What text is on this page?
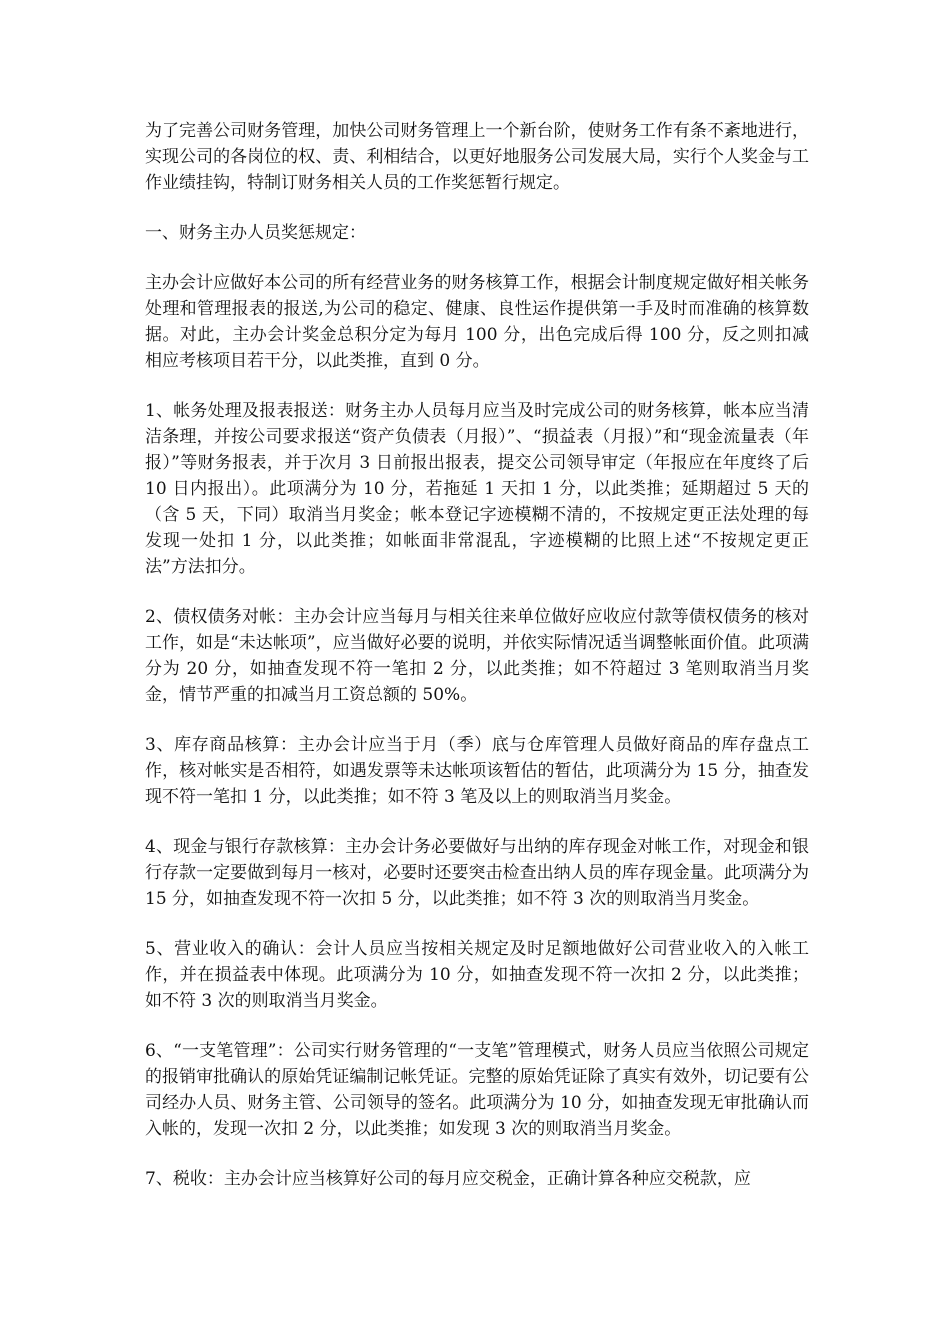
为了完善公司财务管理，加快公司财务管理上一个新台阶，使财务工作有条不紊地进行，实现公司的各岗位的权、责、利相结合，以更好地服务公司发展大局，实行个人奖金与工作业绩挂钩，特制订财务相关人员的工作奖惩暂行规定。

一、财务主办人员奖惩规定：

主办会计应做好本公司的所有经营业务的财务核算工作，根据会计制度规定做好相关帐务处理和管理报表的报送,为公司的稳定、健康、良性运作提供第一手及时而准确的核算数据。对此，主办会计奖金总积分定为每月 100 分，出色完成后得 100 分，反之则扣减相应考核项目若干分，以此类推，直到 0 分。

1、帐务处理及报表报送：财务主办人员每月应当及时完成公司的财务核算，帐本应当清洁条理，并按公司要求报送“资产负债表（月报）”、“损益表（月报）”和“现金流量表（年报）”等财务报表，并于次月 3 日前报出报表，提交公司领导审定（年报应在年度终了后 10 日内报出）。此项满分为 10 分，若拖延 1 天扣 1 分，以此类推；延期超过 5 天的（含 5 天，下同）取消当月奖金；帐本登记字迹模糊不清的，不按规定更正法处理的每发现一处扣 1 分，以此类推；如帐面非常混乱，字迹模糊的比照上述“不按规定更正法”方法扣分。

2、债权债务对帐：主办会计应当每月与相关往来单位做好应收应付款等债权债务的核对工作，如是“未达帐项”，应当做好必要的说明，并依实际情况适当调整帐面价值。此项满分为 20 分，如抽查发现不符一笔扣 2 分，以此类推；如不符超过 3 笔则取消当月奖金，情节严重的扣减当月工资总额的 50%。

3、库存商品核算：主办会计应当于月（季）底与仓库管理人员做好商品的库存盘点工作，核对帐实是否相符，如遇发票等未达帐项该暂估的暂估，此项满分为 15 分，抽查发现不符一笔扣 1 分，以此类推；如不符 3 笔及以上的则取消当月奖金。

4、现金与银行存款核算：主办会计务必要做好与出纳的库存现金对帐工作，对现金和银行存款一定要做到每月一核对，必要时还要突击检查出纳人员的库存现金量。此项满分为 15 分，如抽查发现不符一次扣 5 分，以此类推；如不符 3 次的则取消当月奖金。

5、营业收入的确认：会计人员应当按相关规定及时足额地做好公司营业收入的入帐工作，并在损益表中体现。此项满分为 10 分，如抽查发现不符一次扣 2 分，以此类推；如不符 3 次的则取消当月奖金。

6、“一支笔管理”：公司实行财务管理的“一支笔”管理模式，财务人员应当依照公司规定的报销审批确认的原始凭证编制记帐凭证。完整的原始凭证除了真实有效外，切记要有公司经办人员、财务主管、公司领导的签名。此项满分为 10 分，如抽查发现无审批确认而入帐的，发现一次扣 2 分，以此类推；如发现 3 次的则取消当月奖金。

7、税收：主办会计应当核算好公司的每月应交税金，正确计算各种应交税款，应
